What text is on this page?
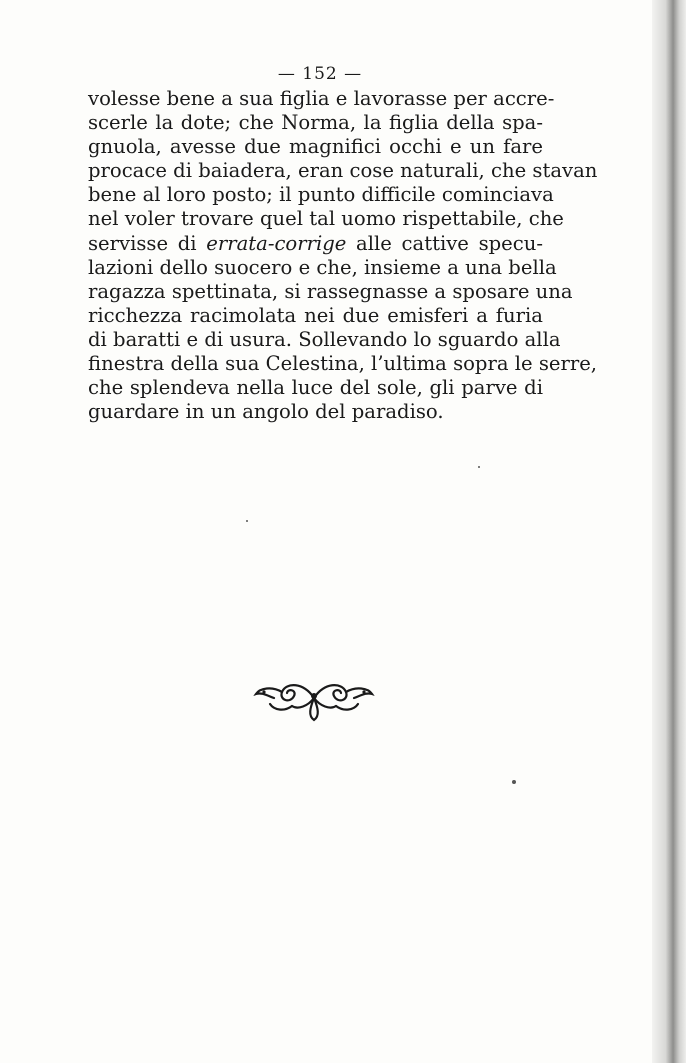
— 152 —
volesse bene a sua figlia e lavorasse per accre-
scerle la dote; che Norma, la figlia della spa-
gnuola, avesse due magnifici occhi e un fare
procace di baiadera, eran cose naturali, che stavan
bene al loro posto; il punto difficile cominciava
nel voler trovare quel tal uomo rispettabile, che
servisse di errata-corrige alle cattive specu-
lazioni dello suocero e che, insieme a una bella
ragazza spettinata, si rassegnasse a sposare una
ricchezza racimolata nei due emisferi a furia
di baratti e di usura. Sollevando lo sguardo alla
finestra della sua Celestina, l’ultima sopra le serre,
che splendeva nella luce del sole, gli parve di
guardare in un angolo del paradiso.
